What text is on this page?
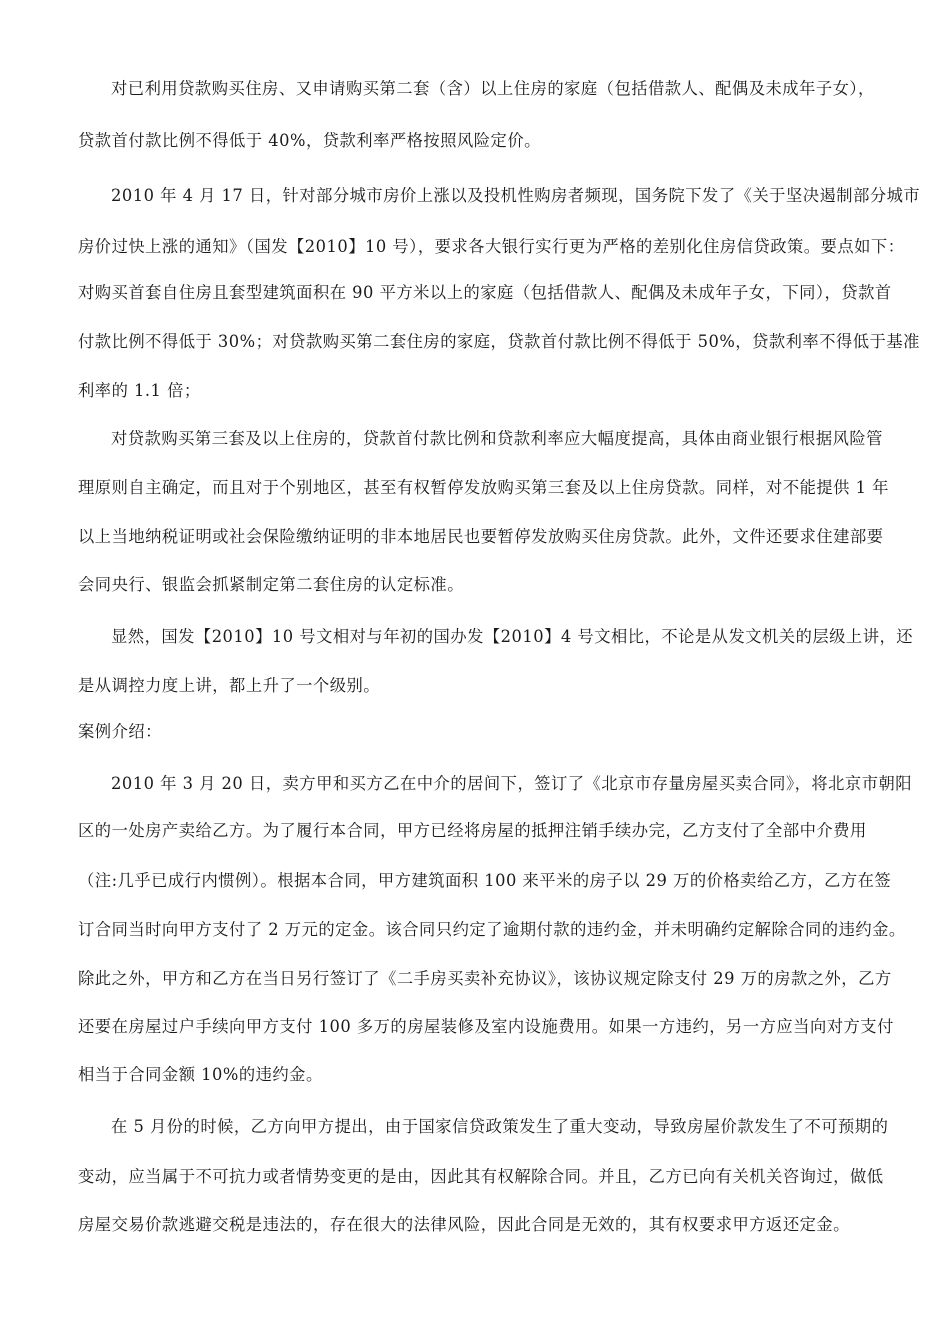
对已利用贷款购买住房、又申请购买第二套（含）以上住房的家庭（包括借款人、配偶及未成年子女），

贷款首付款比例不得低于 40%，贷款利率严格按照风险定价。

2010 年 4 月 17 日，针对部分城市房价上涨以及投机性购房者频现，国务院下发了《关于坚决遏制部分城市

房价过快上涨的通知》（国发【2010】10 号），要求各大银行实行更为严格的差别化住房信贷政策。要点如下：

对购买首套自住房且套型建筑面积在 90 平方米以上的家庭（包括借款人、配偶及未成年子女，下同），贷款首

付款比例不得低于 30%；对贷款购买第二套住房的家庭，贷款首付款比例不得低于 50%，贷款利率不得低于基准

利率的 1.1 倍；

对贷款购买第三套及以上住房的，贷款首付款比例和贷款利率应大幅度提高，具体由商业银行根据风险管

理原则自主确定，而且对于个别地区，甚至有权暂停发放购买第三套及以上住房贷款。同样，对不能提供 1 年

以上当地纳税证明或社会保险缴纳证明的非本地居民也要暂停发放购买住房贷款。此外，文件还要求住建部要

会同央行、银监会抓紧制定第二套住房的认定标准。

显然，国发【2010】10 号文相对与年初的国办发【2010】4 号文相比，不论是从发文机关的层级上讲，还

是从调控力度上讲，都上升了一个级别。

案例介绍：

2010 年 3 月 20 日，卖方甲和买方乙在中介的居间下，签订了《北京市存量房屋买卖合同》，将北京市朝阳

区的一处房产卖给乙方。为了履行本合同，甲方已经将房屋的抵押注销手续办完，乙方支付了全部中介费用

（注:几乎已成行内惯例）。根据本合同，甲方建筑面积 100 来平米的房子以 29 万的价格卖给乙方，乙方在签

订合同当时向甲方支付了 2 万元的定金。该合同只约定了逾期付款的违约金，并未明确约定解除合同的违约金。

除此之外，甲方和乙方在当日另行签订了《二手房买卖补充协议》，该协议规定除支付 29 万的房款之外，乙方

还要在房屋过户手续向甲方支付 100 多万的房屋装修及室内设施费用。如果一方违约，另一方应当向对方支付

相当于合同金额 10%的违约金。

在 5 月份的时候，乙方向甲方提出，由于国家信贷政策发生了重大变动，导致房屋价款发生了不可预期的

变动，应当属于不可抗力或者情势变更的是由，因此其有权解除合同。并且，乙方已向有关机关咨询过，做低

房屋交易价款逃避交税是违法的，存在很大的法律风险，因此合同是无效的，其有权要求甲方返还定金。
